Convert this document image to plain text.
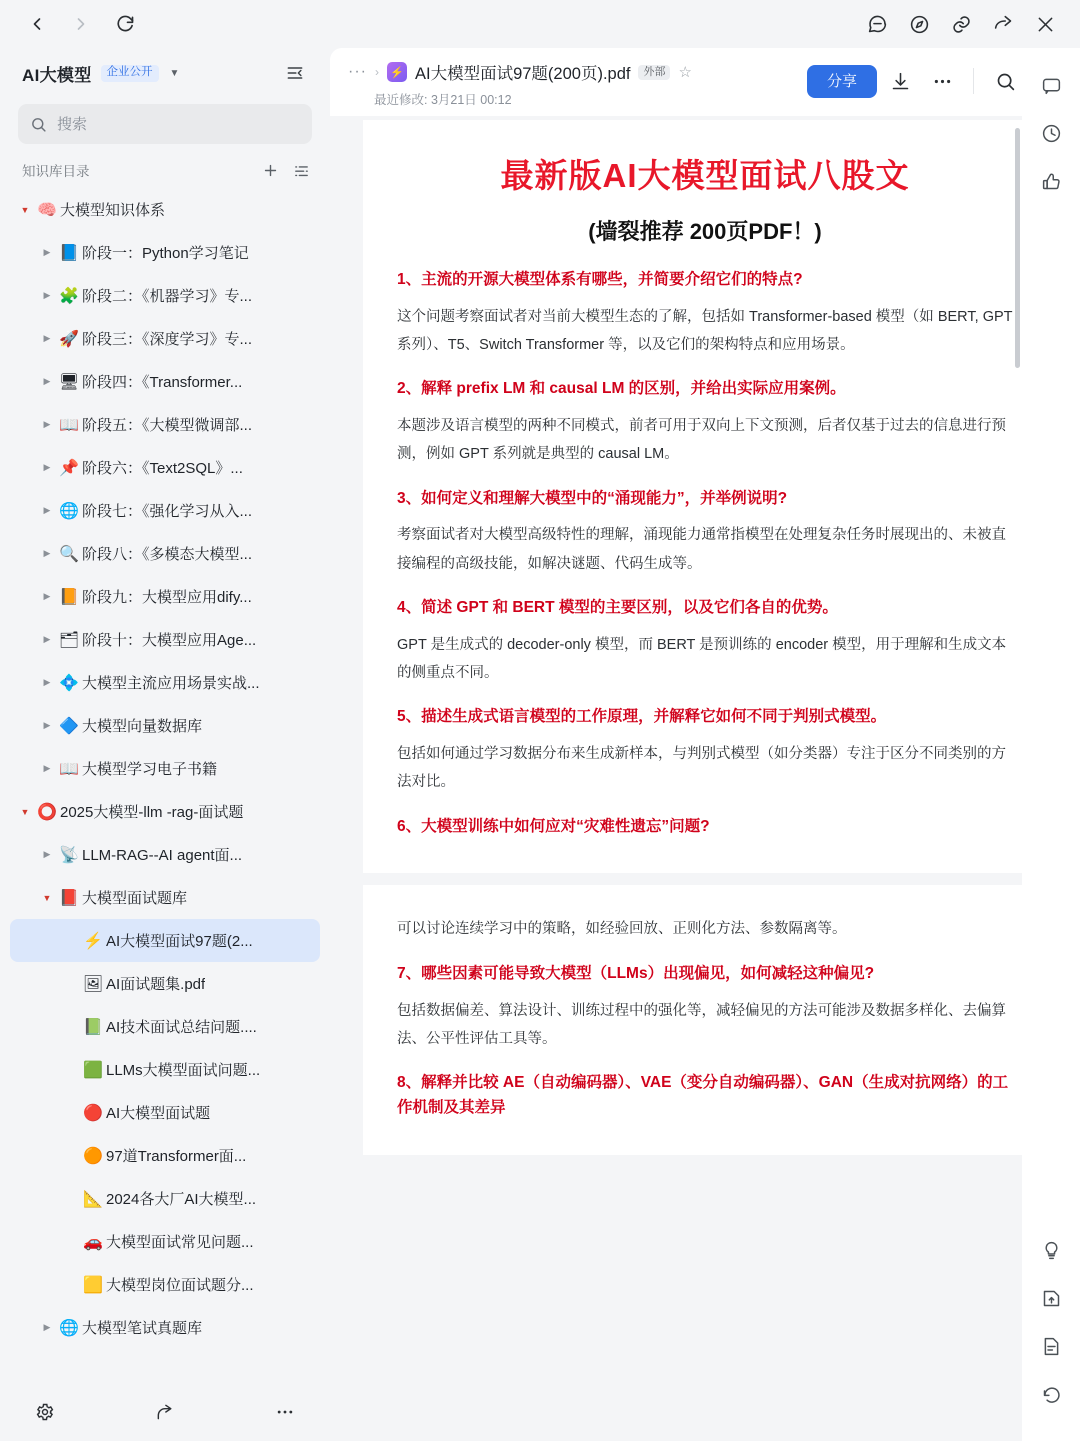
AI大模型	企业公开	▼
搜索
知识库目录
▼ 🧠 大模型知识体系
▶ 📘 阶段一：Python学习笔记
▶ 🧩 阶段二：《机器学习》专...
▶ 🚀 阶段三：《深度学习》专...
▶ 🖥 阶段四：《Transformer...
▶ 📖 阶段五：《大模型微调部...
▶ 📌 阶段六：《Text2SQL》...
▶ 🌐 阶段七：《强化学习从入...
▶ 🔍 阶段八：《多模态大模型...
▶ 📙 阶段九：大模型应用dify...
▶ 🗂 阶段十：大模型应用Age...
▶ 💠 大模型主流应用场景实战...
▶ 🔷 大模型向量数据库
▶ 📖 大模型学习电子书籍
▼ ⭕ 2025大模型-llm -rag-面试题
▶ 📡 LLM-RAG--AI agent面...
▼ 📕 大模型面试题库
⚡ AI大模型面试97题(2...
🖼 AI面试题集.pdf
📗 AI技术面试总结问题....
🟩 LLMs大模型面试问题...
🔴 AI大模型面试题
🟠 97道Transformer面...
📐 2024各大厂AI大模型...
🚗 大模型面试常见问题...
🟨 大模型岗位面试题分...
▶ 🌐 大模型笔试真题库
··· › ⚡ AI大模型面试97题(200页).pdf	外部 ☆
最近修改: 3月21日 00:12
分享
最新版AI大模型面试八股文
(墙裂推荐 200页PDF！)

1、主流的开源大模型体系有哪些，并简要介绍它们的特点?

这个问题考察面试者对当前大模型生态的了解，包括如 Transformer-based 模型（如 BERT, GPT 系列）、T5、Switch Transformer 等，以及它们的架构特点和应用场景。

2、解释 prefix LM 和 causal LM 的区别，并给出实际应用案例。

本题涉及语言模型的两种不同模式，前者可用于双向上下文预测，后者仅基于过去的信息进行预测，例如 GPT 系列就是典型的 causal LM。

3、如何定义和理解大模型中的“涌现能力”，并举例说明?

考察面试者对大模型高级特性的理解，涌现能力通常指模型在处理复杂任务时展现出的、未被直接编程的高级技能，如解决谜题、代码生成等。

4、简述 GPT 和 BERT 模型的主要区别，以及它们各自的优势。

GPT 是生成式的 decoder-only 模型，而 BERT 是预训练的 encoder 模型，用于理解和生成文本的侧重点不同。

5、描述生成式语言模型的工作原理，并解释它如何不同于判别式模型。

包括如何通过学习数据分布来生成新样本，与判别式模型（如分类器）专注于区分不同类别的方法对比。

6、大模型训练中如何应对“灾难性遗忘”问题?

可以讨论连续学习中的策略，如经验回放、正则化方法、参数隔离等。

7、哪些因素可能导致大模型（LLMs）出现偏见，如何减轻这种偏见?

包括数据偏差、算法设计、训练过程中的强化等，减轻偏见的方法可能涉及数据多样化、去偏算法、公平性评估工具等。

8、解释并比较 AE（自动编码器）、VAE（变分自动编码器）、GAN（生成对抗网络）的工作机制及其差异
